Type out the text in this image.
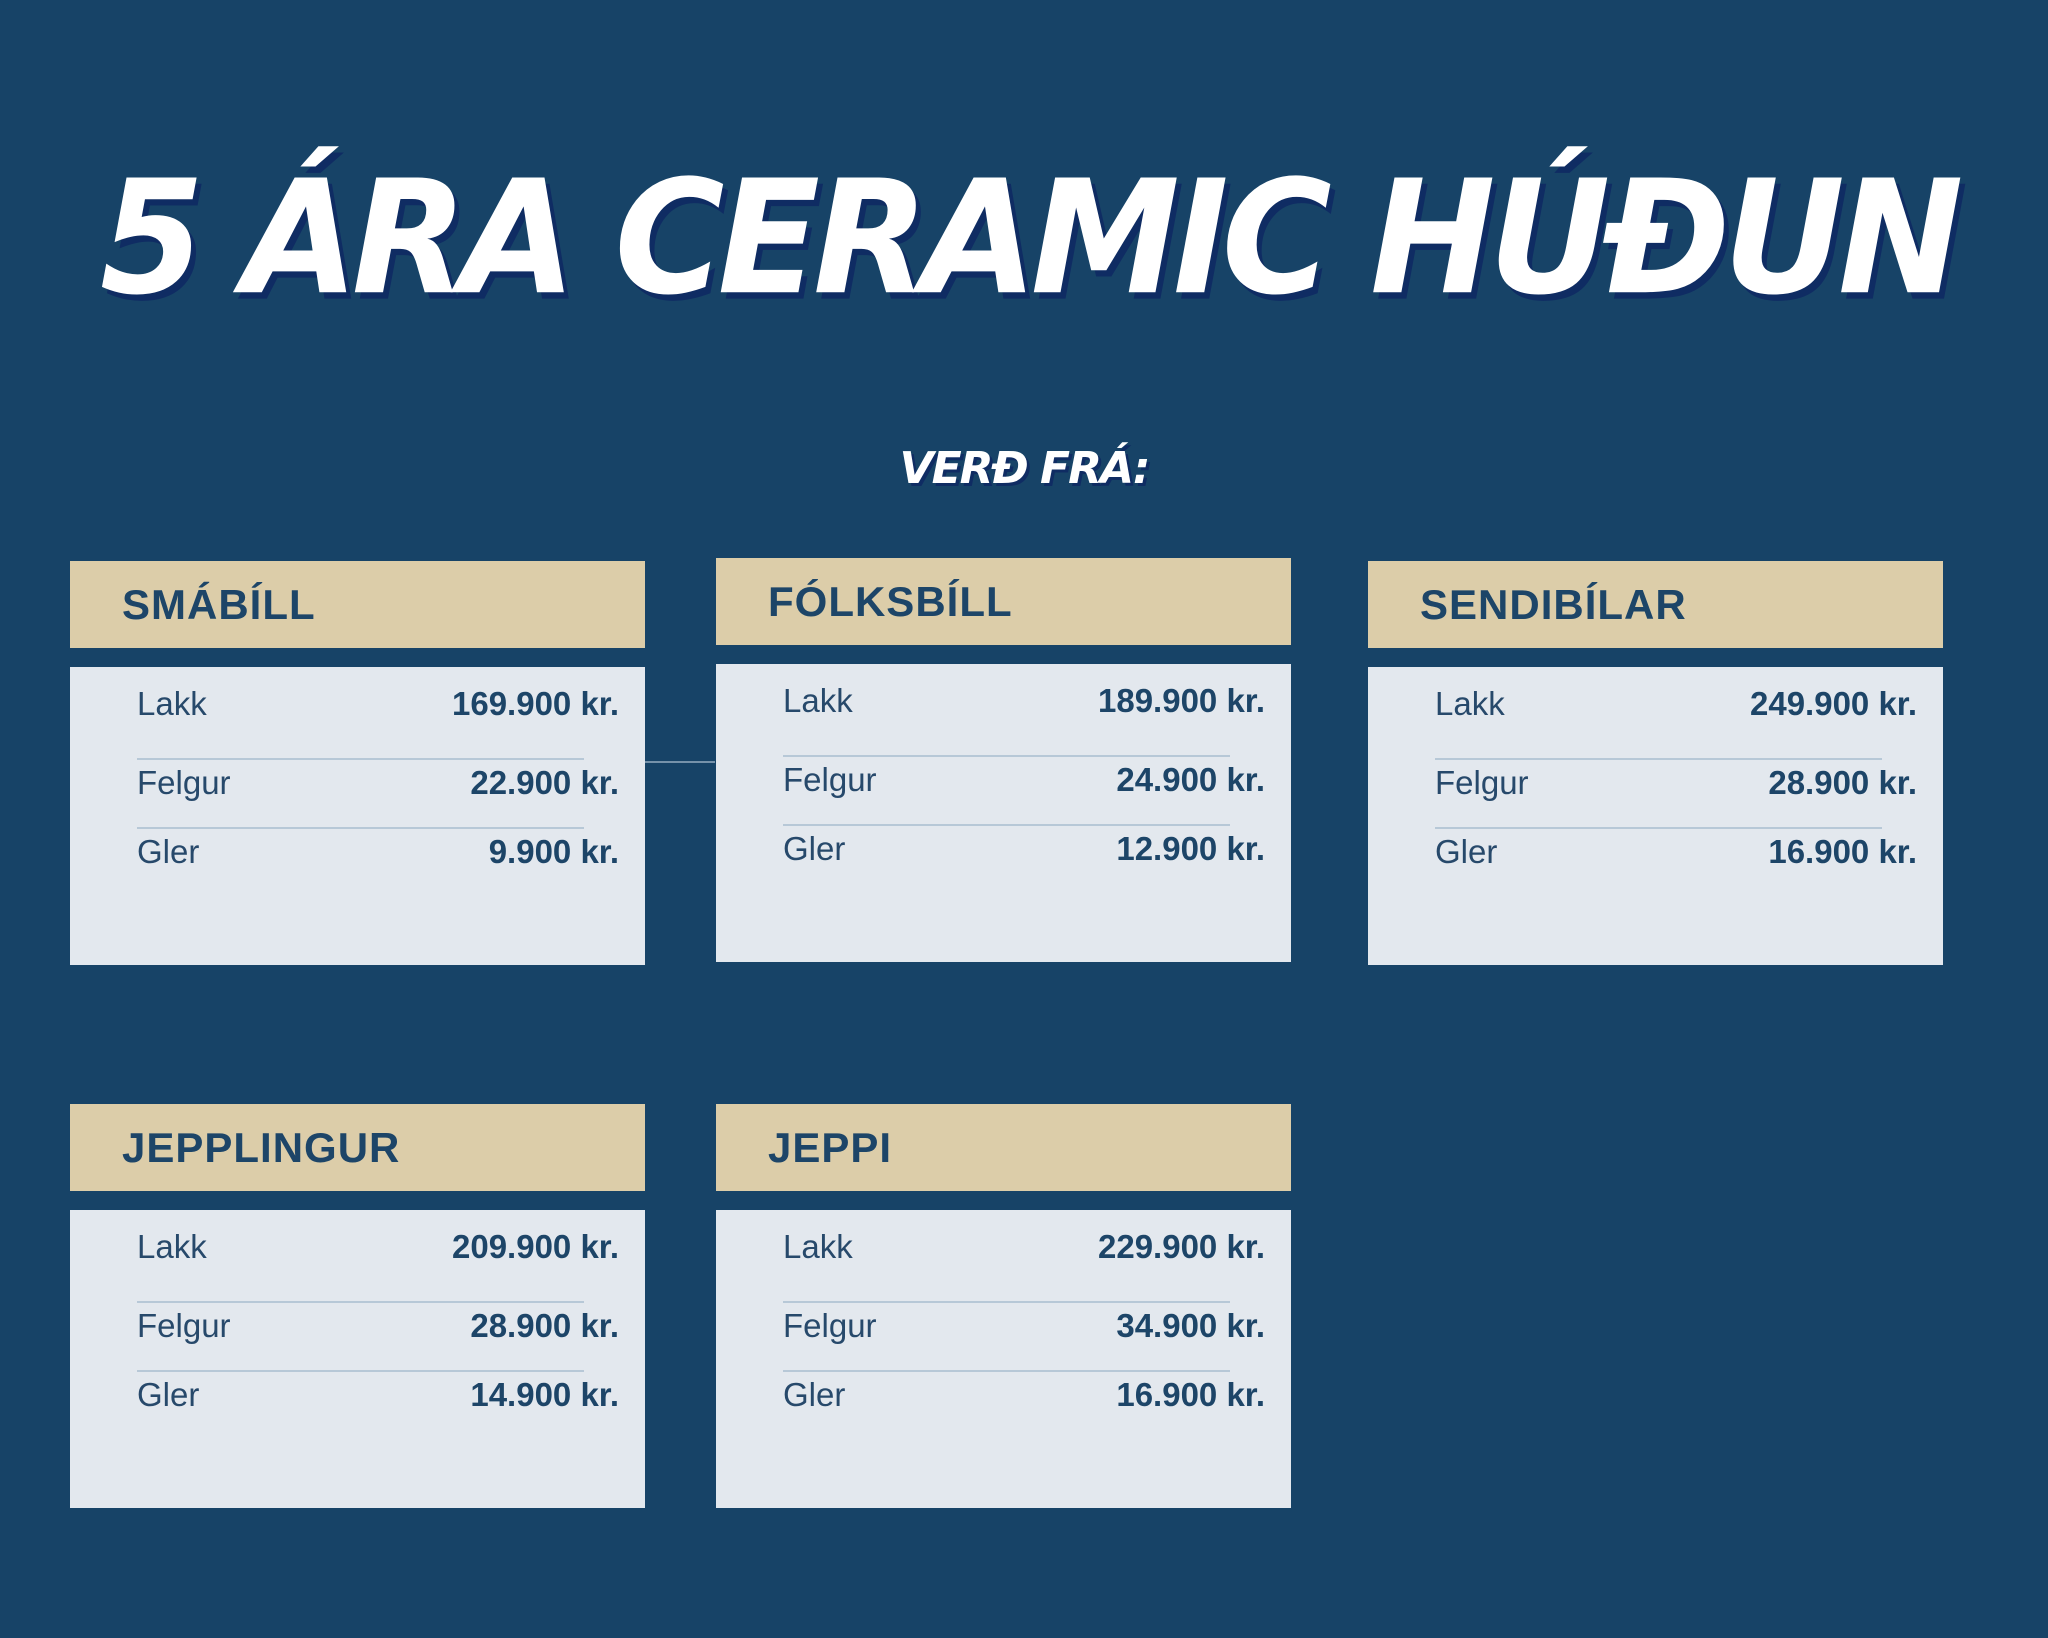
5 ÁRA CERAMIC HÚÐUN
VERÐ FRÁ:
SMÁBÍLL
Lakk	169.900 kr.
Felgur	22.900 kr.
Gler	9.900 kr.
FÓLKSBÍLL
Lakk	189.900 kr.
Felgur	24.900 kr.
Gler	12.900 kr.
SENDIBÍLAR
Lakk	249.900 kr.
Felgur	28.900 kr.
Gler	16.900 kr.
JEPPLINGUR
Lakk	209.900 kr.
Felgur	28.900 kr.
Gler	14.900 kr.
JEPPI
Lakk	229.900 kr.
Felgur	34.900 kr.
Gler	16.900 kr.
